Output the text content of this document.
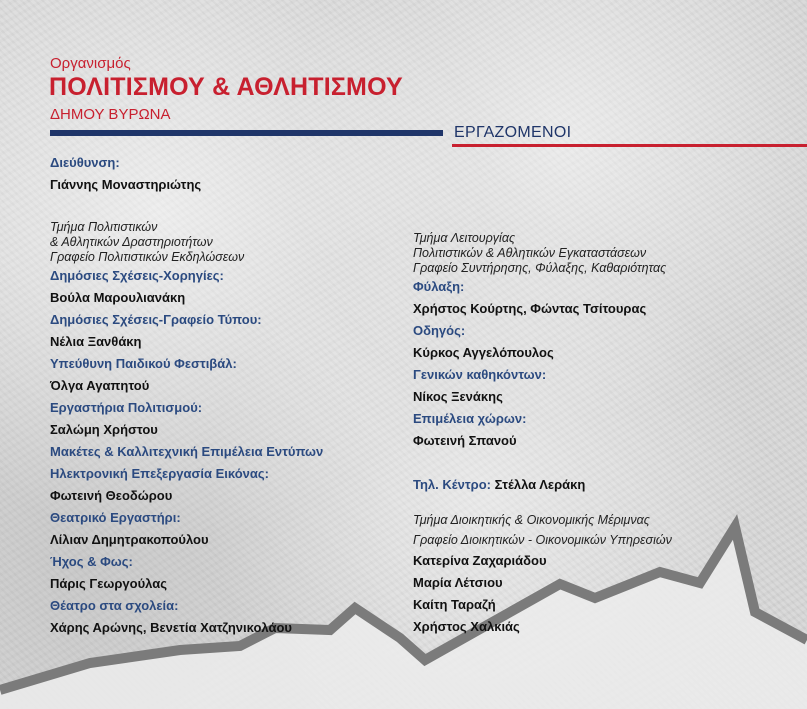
Οργανισμός
ΠΟΛΙΤΙΣΜΟΥ & ΑΘΛΗΤΙΣΜΟΥ
ΔΗΜΟΥ ΒΥΡΩΝΑ
ΕΡΓΑΖΟΜΕΝΟΙ
Διεύθυνση:
Γιάννης Μοναστηριώτης
Τμήμα Πολιτιστικών
& Αθλητικών Δραστηριοτήτων
Γραφείο Πολιτιστικών Εκδηλώσεων
Δημόσιες Σχέσεις-Χορηγίες:
Βούλα Μαρουλιανάκη
Δημόσιες Σχέσεις-Γραφείο Τύπου:
Νέλια Ξανθάκη
Υπεύθυνη Παιδικού Φεστιβάλ:
Όλγα Αγαπητού
Εργαστήρια Πολιτισμού:
Σαλώμη Χρήστου
Μακέτες & Καλλιτεχνική Επιμέλεια Εντύπων
Ηλεκτρονική Επεξεργασία Εικόνας:
Φωτεινή Θεοδώρου
Θεατρικό Εργαστήρι:
Λίλιαν Δημητρακοπούλου
Ήχος & Φως:
Πάρις Γεωργούλας
Θέατρο στα σχολεία:
Χάρης Αρώνης, Βενετία Χατζηνικολάου
Τμήμα Λειτουργίας
Πολιτιστικών & Αθλητικών Εγκαταστάσεων
Γραφείο Συντήρησης, Φύλαξης, Καθαριότητας
Φύλαξη:
Χρήστος Κούρτης, Φώντας Τσίτουρας
Οδηγός:
Κύρκος Αγγελόπουλος
Γενικών καθηκόντων:
Νίκος Ξενάκης
Επιμέλεια χώρων:
Φωτεινή Σπανού
Τηλ. Κέντρο: Στέλλα Λεράκη
Τμήμα Διοικητικής & Οικονομικής Μέριμνας
Γραφείο Διοικητικών - Οικονομικών Υπηρεσιών
Κατερίνα Ζαχαριάδου
Μαρία Λέτσιου
Καίτη Ταραζή
Χρήστος Χαλκιάς
